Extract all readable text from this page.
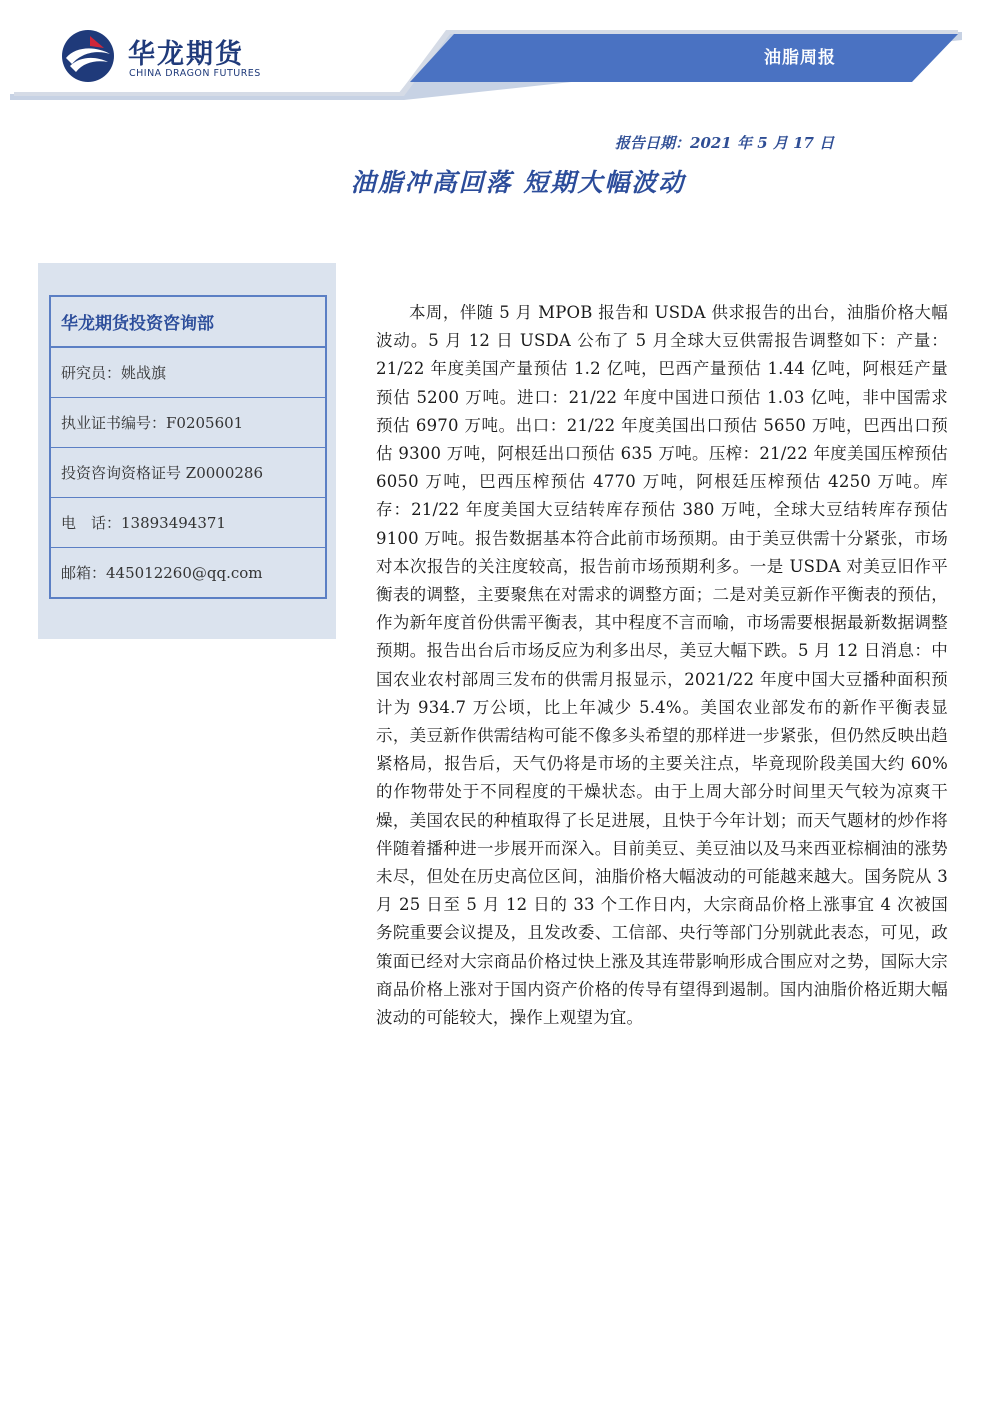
油脂周报
华龙期货
CHINA DRAGON FUTURES
报告日期：2021 年 5 月 17 日
油脂冲高回落 短期大幅波动
华龙期货投资咨询部
研究员：姚战旗
执业证书编号：F0205601
投资咨询资格证号 Z0000286
电　话：13893494371
邮箱：445012260@qq.com

本周，伴随 5 月 MPOB 报告和 USDA 供求报告的出台，油脂价格大幅波动。5 月 12 日 USDA 公布了 5 月全球大豆供需报告调整如下：产量：21/22 年度美国产量预估 1.2 亿吨，巴西产量预估 1.44 亿吨，阿根廷产量预估 5200 万吨。进口：21/22 年度中国进口预估 1.03 亿吨，非中国需求预估 6970 万吨。出口：21/22 年度美国出口预估 5650 万吨，巴西出口预估 9300 万吨，阿根廷出口预估 635 万吨。压榨：21/22 年度美国压榨预估 6050 万吨，巴西压榨预估 4770 万吨，阿根廷压榨预估 4250 万吨。库存：21/22 年度美国大豆结转库存预估 380 万吨，全球大豆结转库存预估 9100 万吨。报告数据基本符合此前市场预期。由于美豆供需十分紧张，市场对本次报告的关注度较高，报告前市场预期利多。一是 USDA 对美豆旧作平衡表的调整，主要聚焦在对需求的调整方面；二是对美豆新作平衡表的预估，作为新年度首份供需平衡表，其中程度不言而喻，市场需要根据最新数据调整预期。报告出台后市场反应为利多出尽，美豆大幅下跌。5 月 12 日消息：中国农业农村部周三发布的供需月报显示，2021/22 年度中国大豆播种面积预计为 934.7 万公顷，比上年减少 5.4%。美国农业部发布的新作平衡表显示，美豆新作供需结构可能不像多头希望的那样进一步紧张，但仍然反映出趋紧格局，报告后，天气仍将是市场的主要关注点，毕竟现阶段美国大约 60%的作物带处于不同程度的干燥状态。由于上周大部分时间里天气较为凉爽干燥，美国农民的种植取得了长足进展，且快于今年计划；而天气题材的炒作将伴随着播种进一步展开而深入。目前美豆、美豆油以及马来西亚棕榈油的涨势未尽，但处在历史高位区间，油脂价格大幅波动的可能越来越大。国务院从 3 月 25 日至 5 月 12 日的 33 个工作日内，大宗商品价格上涨事宜 4 次被国务院重要会议提及，且发改委、工信部、央行等部门分别就此表态，可见，政策面已经对大宗商品价格过快上涨及其连带影响形成合围应对之势，国际大宗商品价格上涨对于国内资产价格的传导有望得到遏制。国内油脂价格近期大幅波动的可能较大，操作上观望为宜。
